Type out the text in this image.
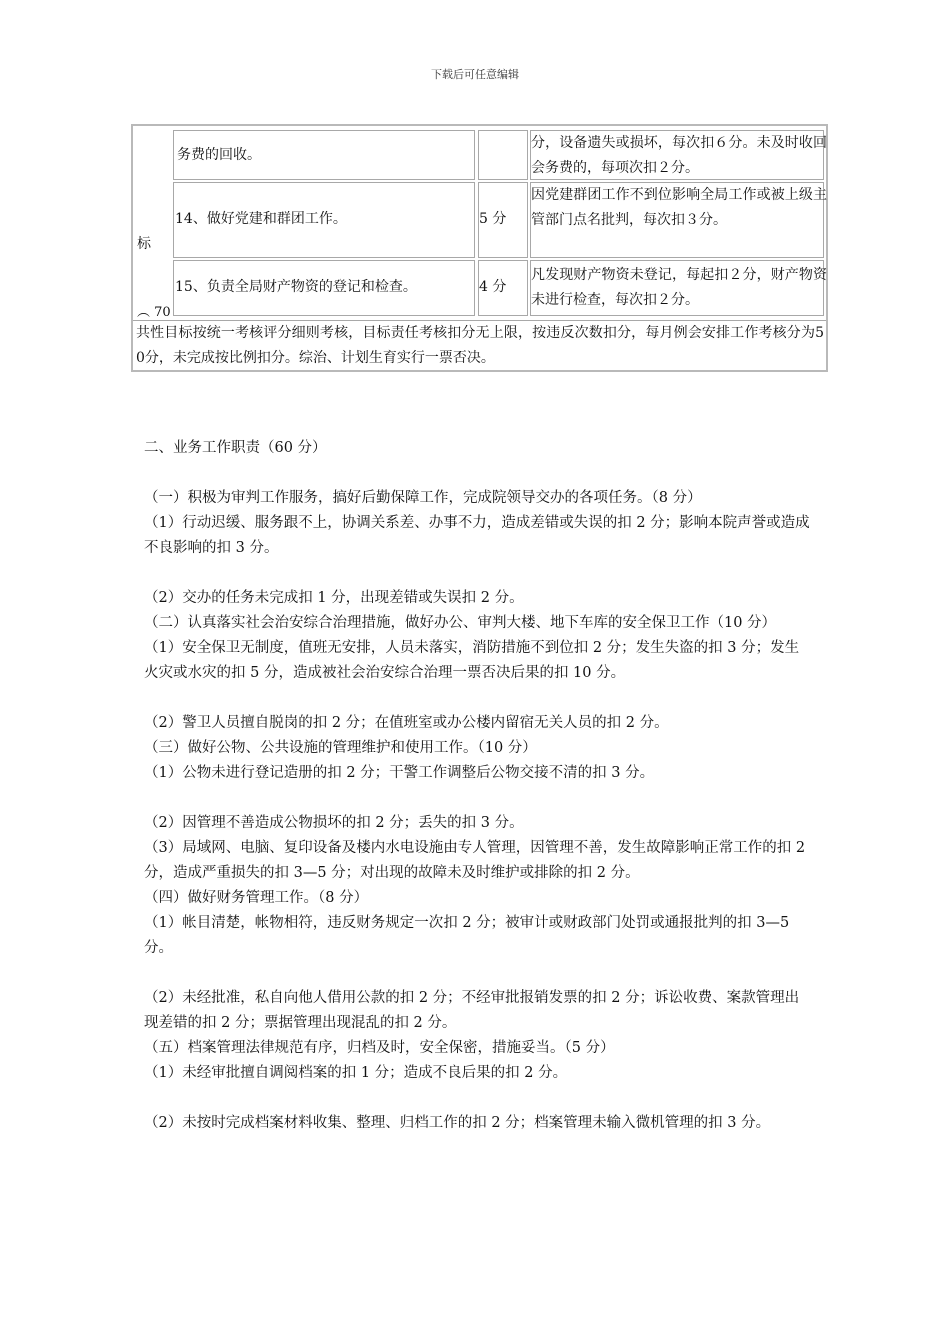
下载后可任意编辑
标
︵ 70
务费的回收。
分，设备遗失或损坏，每次扣６分。未及时收回会务费的，每项次扣２分。
14、做好党建和群团工作。	5 分
因党建群团工作不到位影响全局工作或被上级主管部门点名批判，每次扣３分。
15、负责全局财产物资的登记和检查。	4 分
凡发现财产物资未登记，每起扣２分，财产物资未进行检查，每次扣２分。
共性目标按统一考核评分细则考核，目标责任考核扣分无上限，按违反次数扣分，每月例会安排工作考核分为50分，未完成按比例扣分。综治、计划生育实行一票否决。
二、业务工作职责（60 分）
（一）积极为审判工作服务，搞好后勤保障工作，完成院领导交办的各项任务。（8 分）
（1）行动迟缓、服务跟不上，协调关系差、办事不力，造成差错或失误的扣 2 分；影响本院声誉或造成不良影响的扣 3 分。
（2）交办的任务未完成扣 1 分，出现差错或失误扣 2 分。
（二）认真落实社会治安综合治理措施，做好办公、审判大楼、地下车库的安全保卫工作（10 分）
（1）安全保卫无制度，值班无安排，人员未落实，消防措施不到位扣 2 分；发生失盗的扣 3 分；发生火灾或水灾的扣 5 分，造成被社会治安综合治理一票否决后果的扣 10 分。
（2）警卫人员擅自脱岗的扣 2 分；在值班室或办公楼内留宿无关人员的扣 2 分。
（三）做好公物、公共设施的管理维护和使用工作。（10 分）
（1）公物未进行登记造册的扣 2 分；干警工作调整后公物交接不清的扣 3 分。
（2）因管理不善造成公物损坏的扣 2 分；丢失的扣 3 分。
（3）局域网、电脑、复印设备及楼内水电设施由专人管理，因管理不善，发生故障影响正常工作的扣 2 分，造成严重损失的扣 3—5 分；对出现的故障未及时维护或排除的扣 2 分。
（四）做好财务管理工作。（8 分）
（1）帐目清楚，帐物相符，违反财务规定一次扣 2 分；被审计或财政部门处罚或通报批判的扣 3—5 分。
（2）未经批准，私自向他人借用公款的扣 2 分；不经审批报销发票的扣 2 分；诉讼收费、案款管理出现差错的扣 2 分；票据管理出现混乱的扣 2 分。
（五）档案管理法律规范有序，归档及时，安全保密，措施妥当。（5 分）
（1）未经审批擅自调阅档案的扣 1 分；造成不良后果的扣 2 分。
（2）未按时完成档案材料收集、整理、归档工作的扣 2 分；档案管理未输入微机管理的扣 3 分。
